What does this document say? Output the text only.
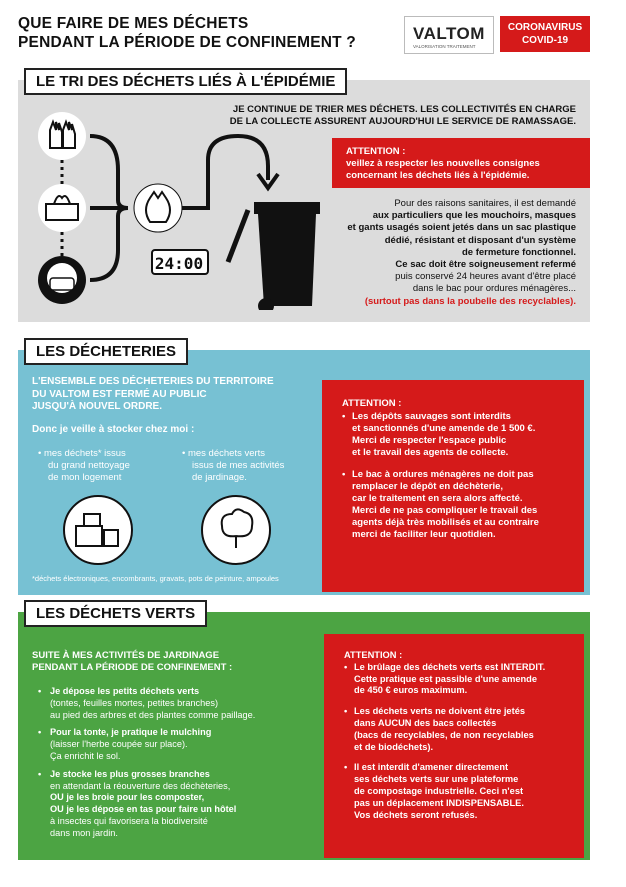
QUE FAIRE DE MES DÉCHETS
PENDANT LA PÉRIODE DE CONFINEMENT ?	VALTOM
VALORISATION TRAITEMENT
CORONAVIRUS
COVID-19
LE TRI DES DÉCHETS LIÉS À L'ÉPIDÉMIE
24:00
JE CONTINUE DE TRIER MES DÉCHETS. LES COLLECTIVITÉS EN CHARGE
DE LA COLLECTE ASSURENT AUJOURD'HUI LE SERVICE DE RAMASSAGE.
ATTENTION :
veillez à respecter les nouvelles consignes
concernant les déchets liés à l'épidémie.
Pour des raisons sanitaires, il est demandé
aux particuliers que les mouchoirs, masques
et gants usagés soient jetés dans un sac plastique
dédié, résistant et disposant d'un système
de fermeture fonctionnel.
Ce sac doit être soigneusement refermé
puis conservé 24 heures avant d'être placé
dans le bac pour ordures ménagères...
(surtout pas dans la poubelle des recyclables).
LES DÉCHETERIES
L'ENSEMBLE DES DÉCHETERIES DU TERRITOIRE
DU VALTOM EST FERMÉ AU PUBLIC
JUSQU'À NOUVEL ORDRE.
Donc je veille à stocker chez moi :
• mes déchets* issus
du grand nettoyage
de mon logement
• mes déchets verts
issus de mes activités
de jardinage.
*déchets électroniques, encombrants, gravats, pots de peinture, ampoules
ATTENTION :
• Les dépôts sauvages sont interdits
et sanctionnés d'une amende de 1 500 €.
Merci de respecter l'espace public
et le travail des agents de collecte.
• Le bac à ordures ménagères ne doit pas
remplacer le dépôt en déchèterie,
car le traitement en sera alors affecté.
Merci de ne pas compliquer le travail des
agents déjà très mobilisés et au contraire
merci de faciliter leur quotidien.
LES DÉCHETS VERTS
SUITE À MES ACTIVITÉS DE JARDINAGE
PENDANT LA PÉRIODE DE CONFINEMENT :
• Je dépose les petits déchets verts
(tontes, feuilles mortes, petites branches)
au pied des arbres et des plantes comme paillage.
• Pour la tonte, je pratique le mulching
(laisser l'herbe coupée sur place).
Ça enrichit le sol.
• Je stocke les plus grosses branches
en attendant la réouverture des déchèteries,
OU je les broie pour les composter,
OU je les dépose en tas pour faire un hôtel
à insectes qui favorisera la biodiversité
dans mon jardin.
ATTENTION :
• Le brûlage des déchets verts est INTERDIT.
Cette pratique est passible d'une amende
de 450 € euros maximum.
• Les déchets verts ne doivent être jetés
dans AUCUN des bacs collectés
(bacs de recyclables, de non recyclables
et de biodéchets).
• Il est interdit d'amener directement
ses déchets verts sur une plateforme
de compostage industrielle. Ceci n'est
pas un déplacement INDISPENSABLE.
Vos déchets seront refusés.
